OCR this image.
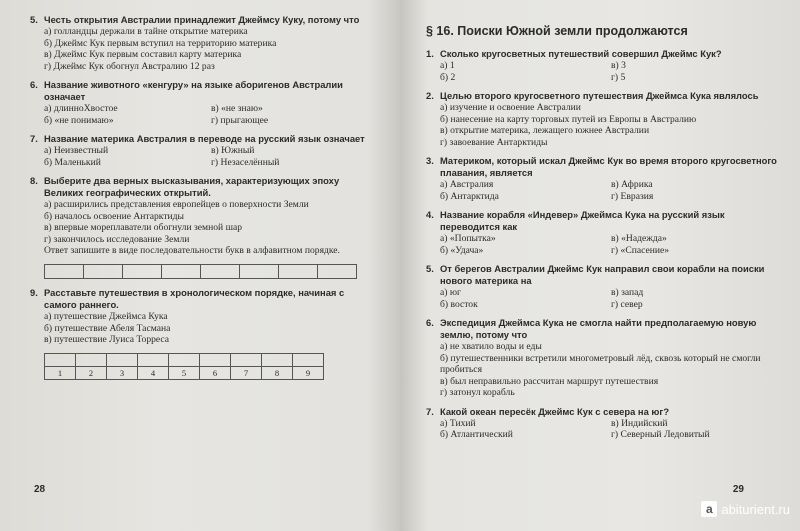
5. Честь открытия Австралии принадлежит Джеймсу Куку, потому что
а) голландцы держали в тайне открытие материка
б) Джеймс Кук первым вступил на территорию материка
в) Джеймс Кук первым составил карту материка
г) Джеймс Кук обогнул Австралию 12 раз
6. Название животного «кенгуру» на языке аборигенов Австралии означает
а) длинноХвостое	в) «не знаю»
б) «не понимаю»	г) прыгающее
7. Название материка Австралия в переводе на русский язык означает
а) Неизвестный	в) Южный
б) Маленький	г) Незаселённый
8. Выберите два верных высказывания, характеризующих эпоху Великих географических открытий.
а) расширились представления европейцев о поверхности Земли
б) началось освоение Антарктиды
в) впервые мореплаватели обогнули земной шар
г) закончилось исследование Земли
Ответ запишите в виде последовательности букв в алфавитном порядке.
9. Расставьте путешествия в хронологическом порядке, начиная с самого раннего.
а) путешествие Джеймса Кука
б) путешествие Абеля Тасмана
в) путешествие Луиса Торреса

1	2	3	4	5	6	7	8	9
28
§ 16. Поиски Южной земли продолжаются
1. Сколько кругосветных путешествий совершил Джеймс Кук?
а) 1	в) 3
б) 2	г) 5
2. Целью второго кругосветного путешествия Джеймса Кука являлось
а) изучение и освоение Австралии
б) нанесение на карту торговых путей из Европы в Австралию
в) открытие материка, лежащего южнее Австралии
г) завоевание Антарктиды
3. Материком, который искал Джеймс Кук во время второго кругосветного плавания, является
а) Австралия	в) Африка
б) Антарктида	г) Евразия
4. Название корабля «Индевер» Джеймса Кука на русский язык переводится как
а) «Попытка»	в) «Надежда»
б) «Удача»	г) «Спасение»
5. От берегов Австралии Джеймс Кук направил свои корабли на поиски нового материка на
а) юг	в) запад
б) восток	г) север
6. Экспедиция Джеймса Кука не смогла найти предполагаемую новую землю, потому что
а) не хватило воды и еды
б) путешественники встретили многометровый лёд, сквозь который не смогли пробиться
в) был неправильно рассчитан маршрут путешествия
г) затонул корабль
7. Какой океан пересёк Джеймс Кук с севера на юг?
а) Тихий	в) Индийский
б) Атлантический	г) Северный Ледовитый
29
a abiturient.ru
